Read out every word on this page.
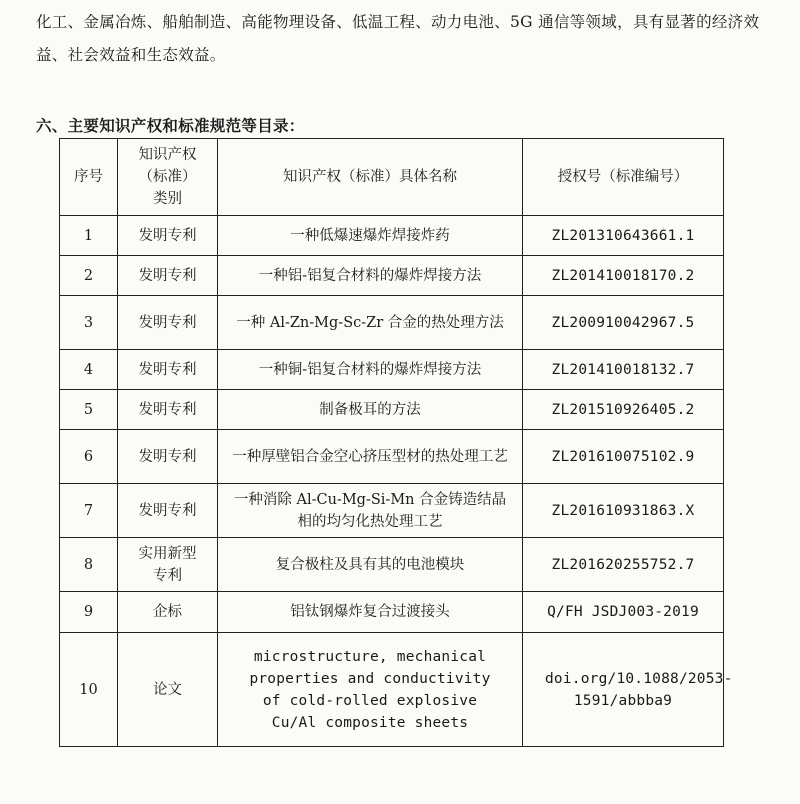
化工、金属冶炼、船舶制造、高能物理设备、低温工程、动力电池、5G 通信等领域，具有显著的经济效益、社会效益和生态效益。
六、主要知识产权和标准规范等目录：
序号	知识产权（标准）类别	知识产权（标准）具体名称	授权号（标准编号）
1	发明专利	一种低爆速爆炸焊接炸药	ZL201310643661.1
2	发明专利	一种铝-铝复合材料的爆炸焊接方法	ZL201410018170.2
3	发明专利	一种 Al-Zn-Mg-Sc-Zr 合金的热处理方法	ZL200910042967.5
4	发明专利	一种铜-铝复合材料的爆炸焊接方法	ZL201410018132.7
5	发明专利	制备极耳的方法	ZL201510926405.2
6	发明专利	一种厚壁铝合金空心挤压型材的热处理工艺	ZL201610075102.9
7	发明专利	一种消除 Al-Cu-Mg-Si-Mn 合金铸造结晶相的均匀化热处理工艺	ZL201610931863.X
8	实用新型专利	复合极柱及具有其的电池模块	ZL201620255752.7
9	企标	铝钛钢爆炸复合过渡接头	Q/FH JSDJ003-2019
10	论文	microstructure, mechanical properties and conductivity of cold-rolled explosive Cu/Al composite sheets	doi.org/10.1088/2053-1591/abbba9
